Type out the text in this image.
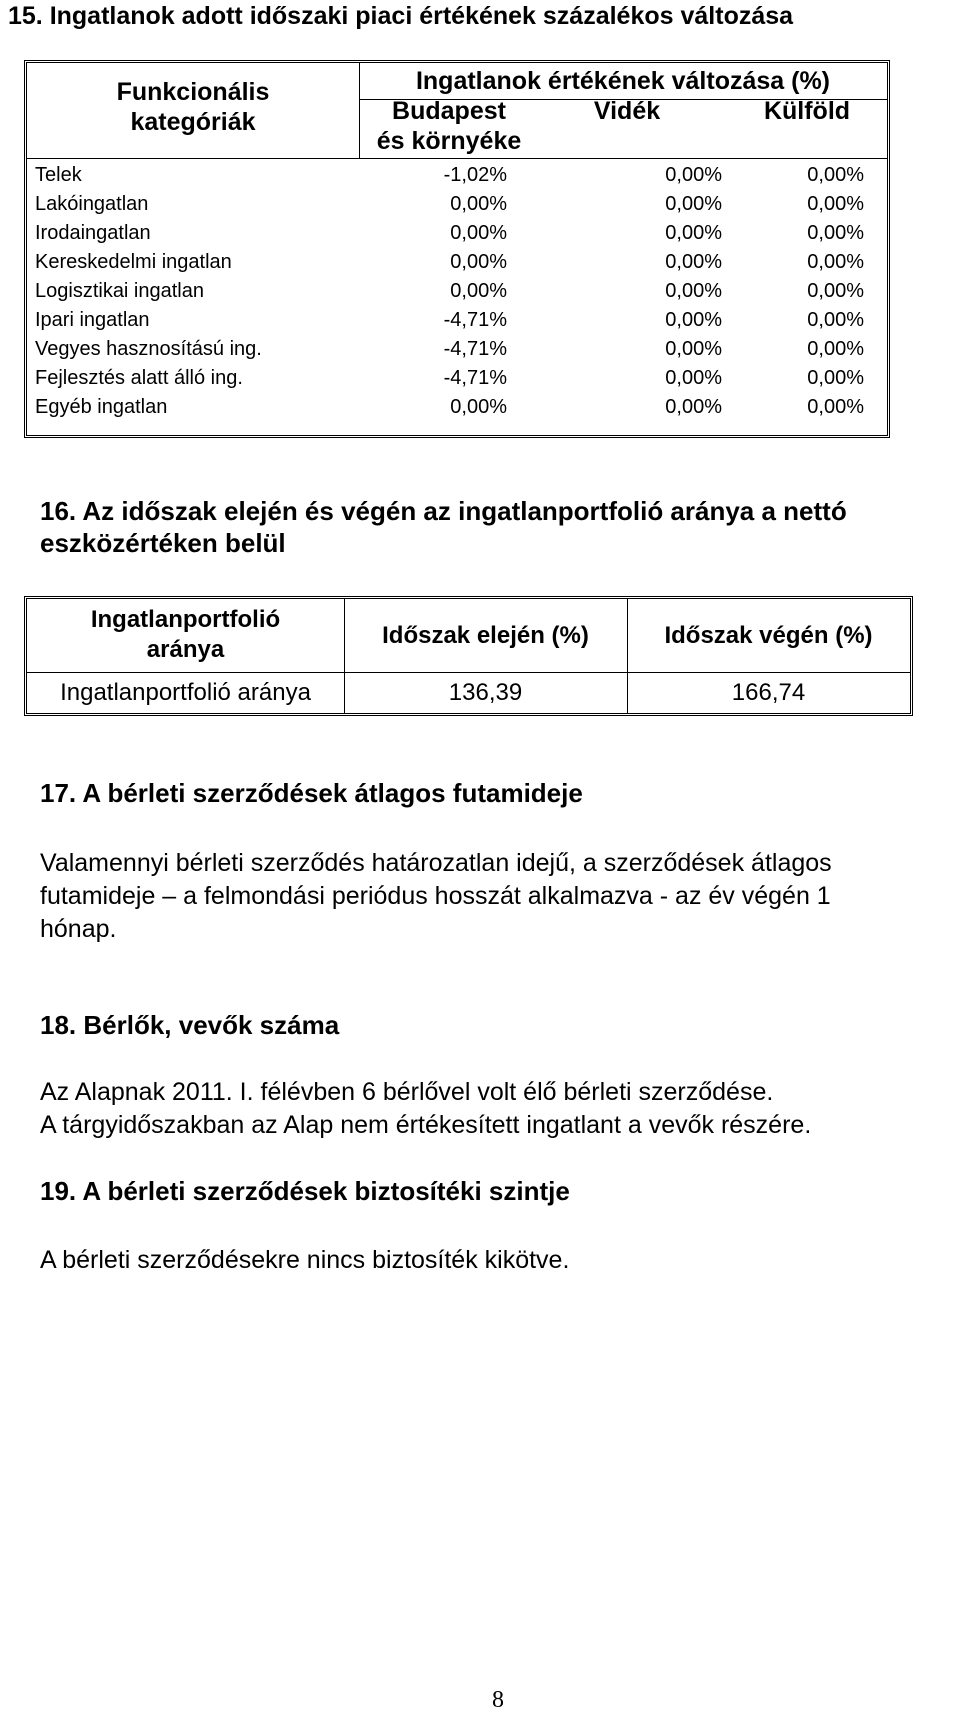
15. Ingatlanok adott időszaki piaci értékének százalékos változása
Funkcionális
kategóriák
Ingatlanok értékének változása (%)
Budapest
és környéke
Vidék	Külföld
Telek	-1,02%	0,00%	0,00%
Lakóingatlan	0,00%	0,00%	0,00%
Irodaingatlan	0,00%	0,00%	0,00%
Kereskedelmi ingatlan	0,00%	0,00%	0,00%
Logisztikai ingatlan	0,00%	0,00%	0,00%
Ipari ingatlan	-4,71%	0,00%	0,00%
Vegyes hasznosítású ing.	-4,71%	0,00%	0,00%
Fejlesztés alatt álló ing.	-4,71%	0,00%	0,00%
Egyéb ingatlan	0,00%	0,00%	0,00%
16. Az időszak elején és végén az ingatlanportfolió aránya a nettó
eszközértéken belül
Ingatlanportfolió
aránya
Időszak elején (%)	Időszak végén (%)
Ingatlanportfolió aránya	136,39	166,74
17. A bérleti szerződések átlagos futamideje

Valamennyi bérleti szerződés határozatlan idejű, a szerződések átlagos

futamideje – a felmondási periódus hosszát alkalmazva - az év végén 1

hónap.

18. Bérlők, vevők száma

Az Alapnak 2011. I. félévben 6 bérlővel volt élő bérleti szerződése.

A tárgyidőszakban az Alap nem értékesített ingatlant a vevők részére.

19. A bérleti szerződések biztosítéki szintje

A bérleti szerződésekre nincs biztosíték kikötve.

8
